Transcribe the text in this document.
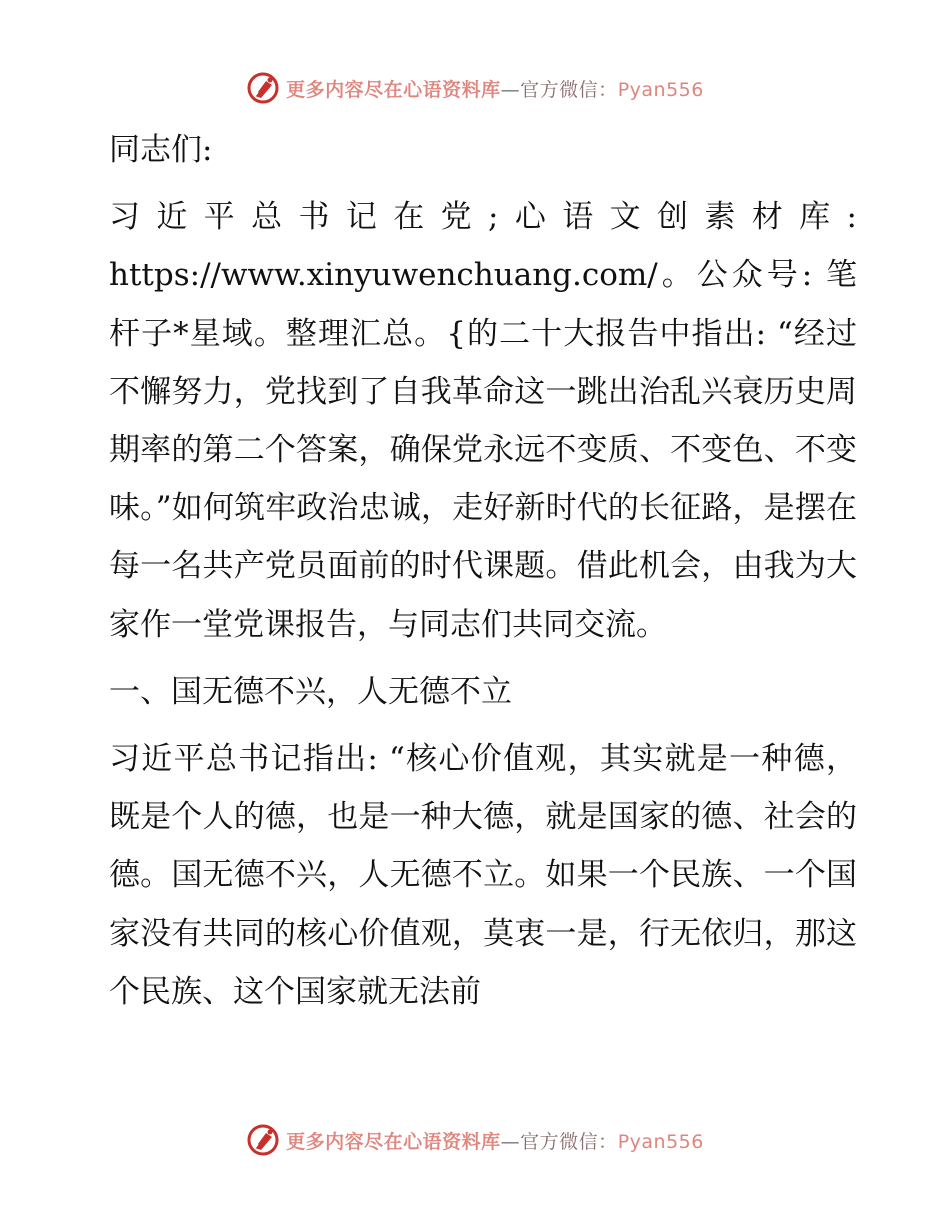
更多内容尽在心语资料库—官方微信：Pyan556

同志们:

习近平总书记在党;心语文创素材库: https://www.xinyuwenchuang.com/。公众号: 笔杆子*星域。整理汇总。{的二十大报告中指出: “经过不懈努力，党找到了自我革命这一跳出治乱兴衰历史周期率的第二个答案，确保党永远不变质、不变色、不变味。”如何筑牢政治忠诚，走好新时代的长征路，是摆在每一名共产党员面前的时代课题。借此机会，由我为大家作一堂党课报告，与同志们共同交流。

一、国无德不兴，人无德不立

习近平总书记指出: “核心价值观，其实就是一种德，既是个人的德，也是一种大德，就是国家的德、社会的德。国无德不兴，人无德不立。如果一个民族、一个国家没有共同的核心价值观，莫衷一是，行无依归，那这个民族、这个国家就无法前

更多内容尽在心语资料库—官方微信：Pyan556
